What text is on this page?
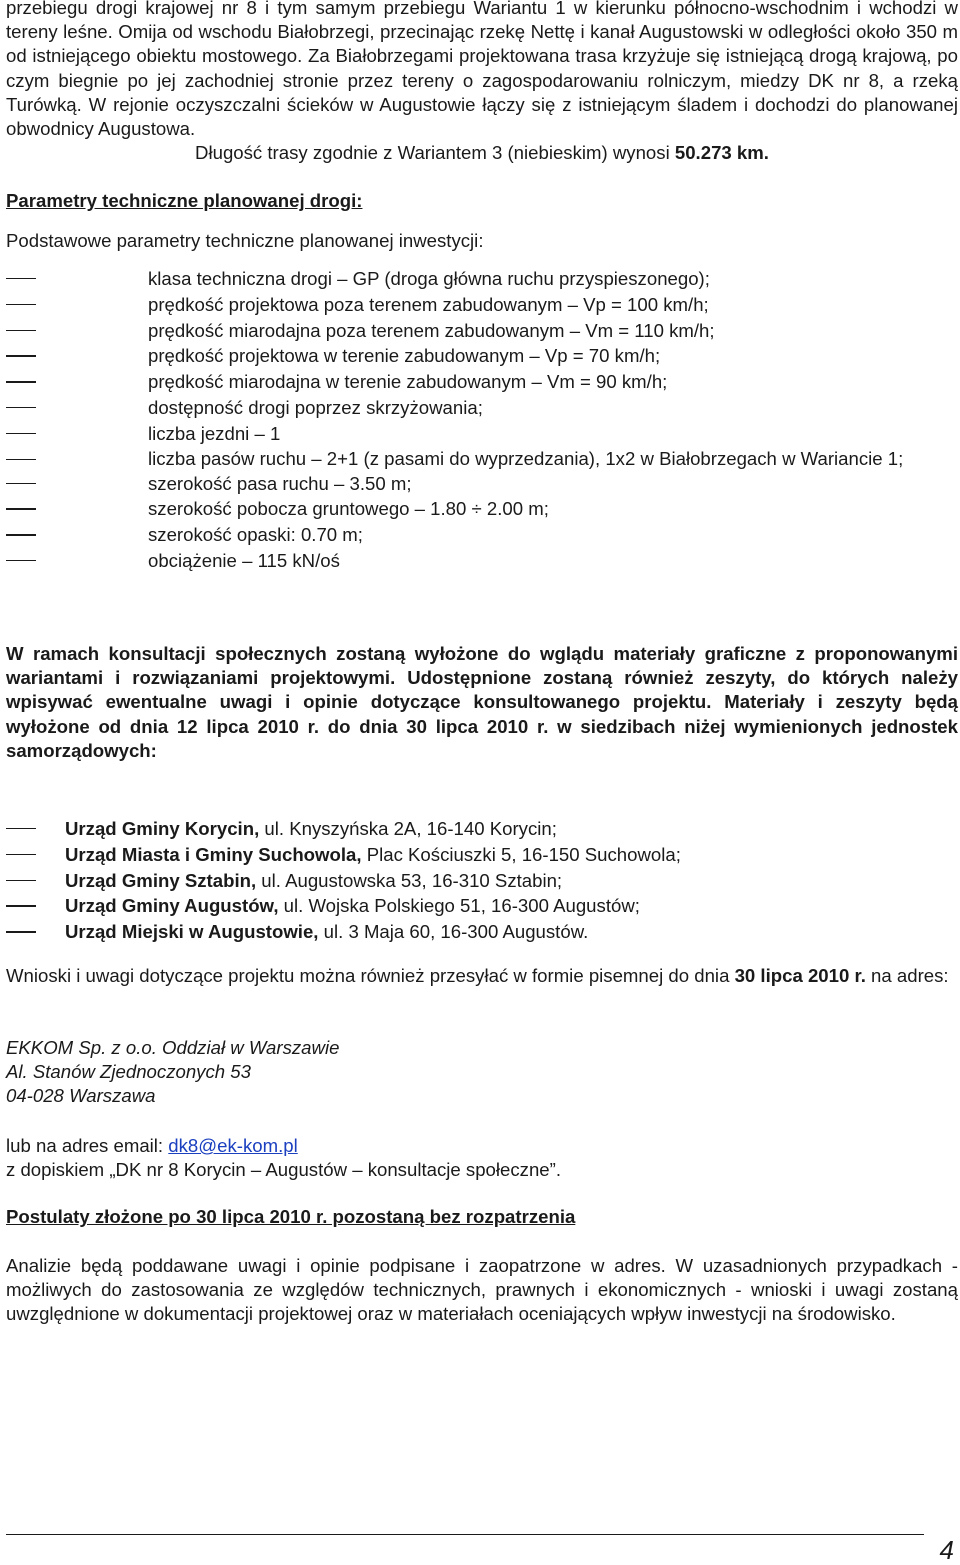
przebiegu drogi krajowej nr 8 i tym samym przebiegu Wariantu 1 w kierunku północno-wschodnim i wchodzi w tereny leśne. Omija od wschodu Białobrzegi, przecinając rzekę Nettę i kanał Augustowski w odległości około 350 m od istniejącego obiektu mostowego. Za Białobrzegami projektowana trasa krzyżuje się istniejącą drogą krajową, po czym biegnie po jej zachodniej stronie przez tereny o zagospodarowaniu rolniczym, miedzy DK nr 8, a rzeką Turówką. W rejonie oczyszczalni ścieków w Augustowie łączy się z istniejącym śladem i dochodzi do planowanej obwodnicy Augustowa.

Długość trasy zgodnie z Wariantem 3 (niebieskim) wynosi 50.273 km.

Parametry techniczne planowanej drogi:

Podstawowe parametry techniczne planowanej inwestycji:

klasa techniczna drogi – GP (droga główna ruchu przyspieszonego);
prędkość projektowa poza terenem zabudowanym – Vp = 100 km/h;
prędkość miarodajna poza terenem zabudowanym – Vm = 110 km/h;
prędkość projektowa w terenie zabudowanym – Vp = 70 km/h;
prędkość miarodajna w terenie zabudowanym – Vm = 90 km/h;
dostępność drogi poprzez skrzyżowania;
liczba jezdni – 1
liczba pasów ruchu – 2+1 (z pasami do wyprzedzania), 1x2 w Białobrzegach w Wariancie 1;
szerokość pasa ruchu – 3.50 m;
szerokość pobocza gruntowego – 1.80 ÷ 2.00 m;
szerokość opaski: 0.70 m;
obciążenie – 115 kN/oś

W ramach konsultacji społecznych zostaną wyłożone do wglądu materiały graficzne z proponowanymi wariantami i rozwiązaniami projektowymi. Udostępnione zostaną również zeszyty, do których należy wpisywać ewentualne uwagi i opinie dotyczące konsultowanego projektu. Materiały i zeszyty będą wyłożone od dnia 12 lipca 2010 r. do dnia 30 lipca 2010 r. w siedzibach niżej wymienionych jednostek samorządowych:

Urząd Gminy Korycin, ul. Knyszyńska 2A, 16-140 Korycin;
Urząd Miasta i Gminy Suchowola, Plac Kościuszki 5, 16-150 Suchowola;
Urząd Gminy Sztabin, ul. Augustowska 53, 16-310 Sztabin;
Urząd Gminy Augustów, ul. Wojska Polskiego 51, 16-300 Augustów;
Urząd Miejski w Augustowie, ul. 3 Maja 60, 16-300 Augustów.

Wnioski i uwagi dotyczące projektu można również przesyłać w formie pisemnej do dnia 30 lipca 2010 r. na adres:

EKKOM Sp. z o.o. Oddział w Warszawie

Al. Stanów Zjednoczonych 53

04-028 Warszawa

lub na adres email: dk8@ek-kom.pl

z dopiskiem „DK nr 8 Korycin – Augustów – konsultacje społeczne”.

Postulaty złożone po 30 lipca 2010 r. pozostaną bez rozpatrzenia

Analizie będą poddawane uwagi i opinie podpisane i zaopatrzone w adres. W uzasadnionych przypadkach - możliwych do zastosowania ze względów technicznych, prawnych i ekonomicznych - wnioski i uwagi zostaną uwzględnione w dokumentacji projektowej oraz w materiałach oceniających wpływ inwestycji na środowisko.

4
